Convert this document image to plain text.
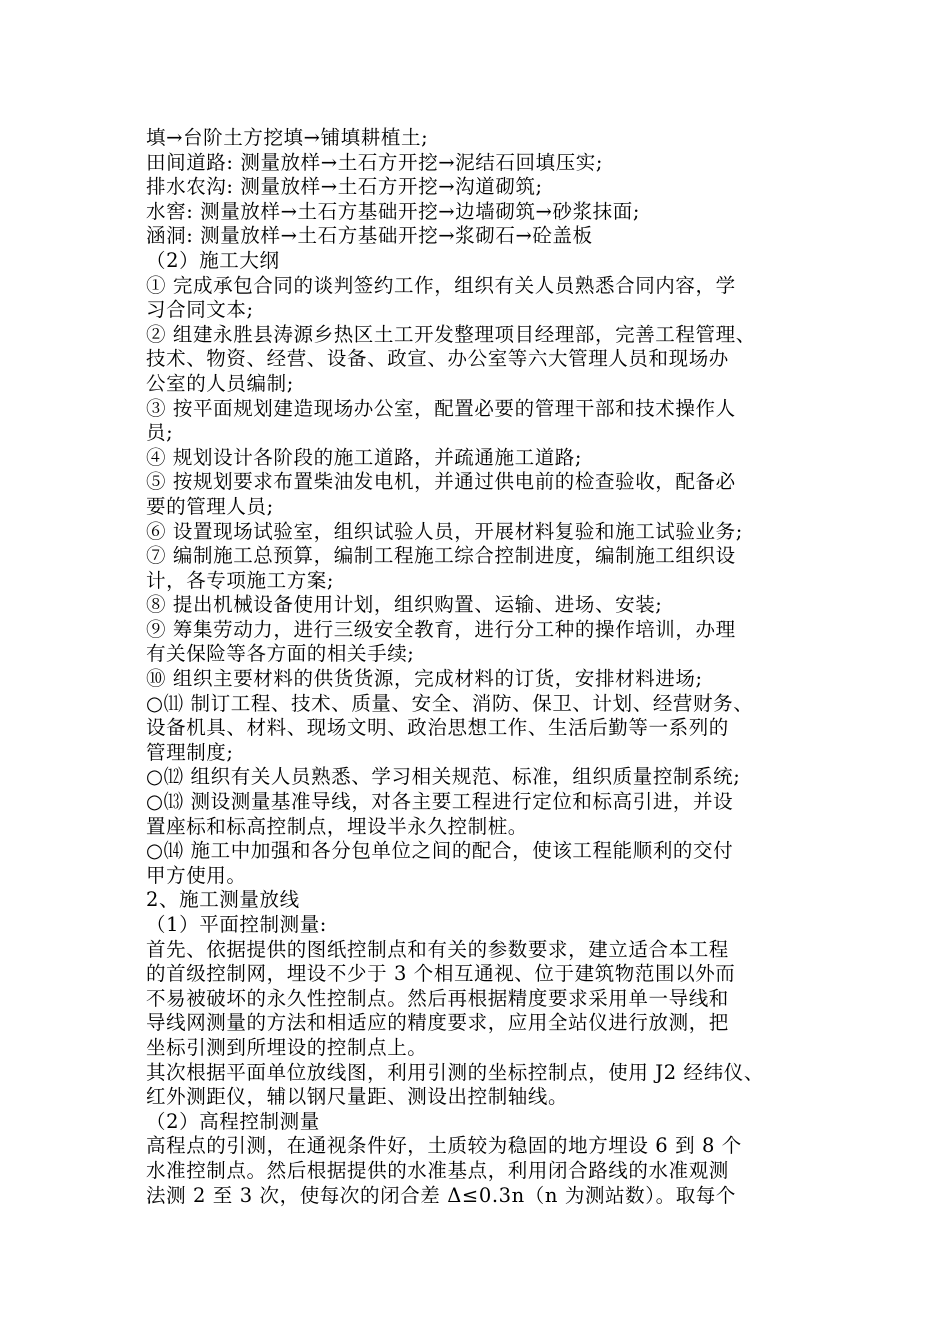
填→台阶土方挖填→铺填耕植土;
田间道路: 测量放样→土石方开挖→泥结石回填压实;
排水农沟: 测量放样→土石方开挖→沟道砌筑;
水窖: 测量放样→土石方基础开挖→边墙砌筑→砂浆抹面;
涵洞: 测量放样→土石方基础开挖→浆砌石→砼盖板
（2）施工大纲
① 完成承包合同的谈判签约工作，组织有关人员熟悉合同内容，学
习合同文本;
② 组建永胜县涛源乡热区土工开发整理项目经理部，完善工程管理、
技术、物资、经营、设备、政宣、办公室等六大管理人员和现场办
公室的人员编制;
③ 按平面规划建造现场办公室，配置必要的管理干部和技术操作人
员;
④ 规划设计各阶段的施工道路，并疏通施工道路;
⑤ 按规划要求布置柴油发电机，并通过供电前的检查验收，配备必
要的管理人员;
⑥ 设置现场试验室，组织试验人员，开展材料复验和施工试验业务;
⑦ 编制施工总预算，编制工程施工综合控制进度，编制施工组织设
计，各专项施工方案;
⑧ 提出机械设备使用计划，组织购置、运输、进场、安装;
⑨ 筹集劳动力，进行三级安全教育，进行分工种的操作培训，办理
有关保险等各方面的相关手续;
⑩ 组织主要材料的供货货源，完成材料的订货，安排材料进场;
○⑾ 制订工程、技术、质量、安全、消防、保卫、计划、经营财务、
设备机具、材料、现场文明、政治思想工作、生活后勤等一系列的
管理制度;
○⑿ 组织有关人员熟悉、学习相关规范、标准，组织质量控制系统;
○⒀ 测设测量基准导线，对各主要工程进行定位和标高引进，并设
置座标和标高控制点，埋设半永久控制桩。
○⒁ 施工中加强和各分包单位之间的配合，使该工程能顺利的交付
甲方使用。
2、施工测量放线
（1）平面控制测量:
首先、依据提供的图纸控制点和有关的参数要求，建立适合本工程
的首级控制网，埋设不少于 3 个相互通视、位于建筑物范围以外而
不易被破坏的永久性控制点。然后再根据精度要求采用单一导线和
导线网测量的方法和相适应的精度要求，应用全站仪进行放测，把
坐标引测到所埋设的控制点上。
其次根据平面单位放线图，利用引测的坐标控制点，使用 J2 经纬仪、
红外测距仪，辅以钢尺量距、测设出控制轴线。
（2）高程控制测量
高程点的引测，在通视条件好，土质较为稳固的地方埋设 6 到 8 个
水准控制点。然后根据提供的水准基点，利用闭合路线的水准观测
法测 2 至 3 次，使每次的闭合差 Δ≤0.3n（n 为测站数）。取每个
